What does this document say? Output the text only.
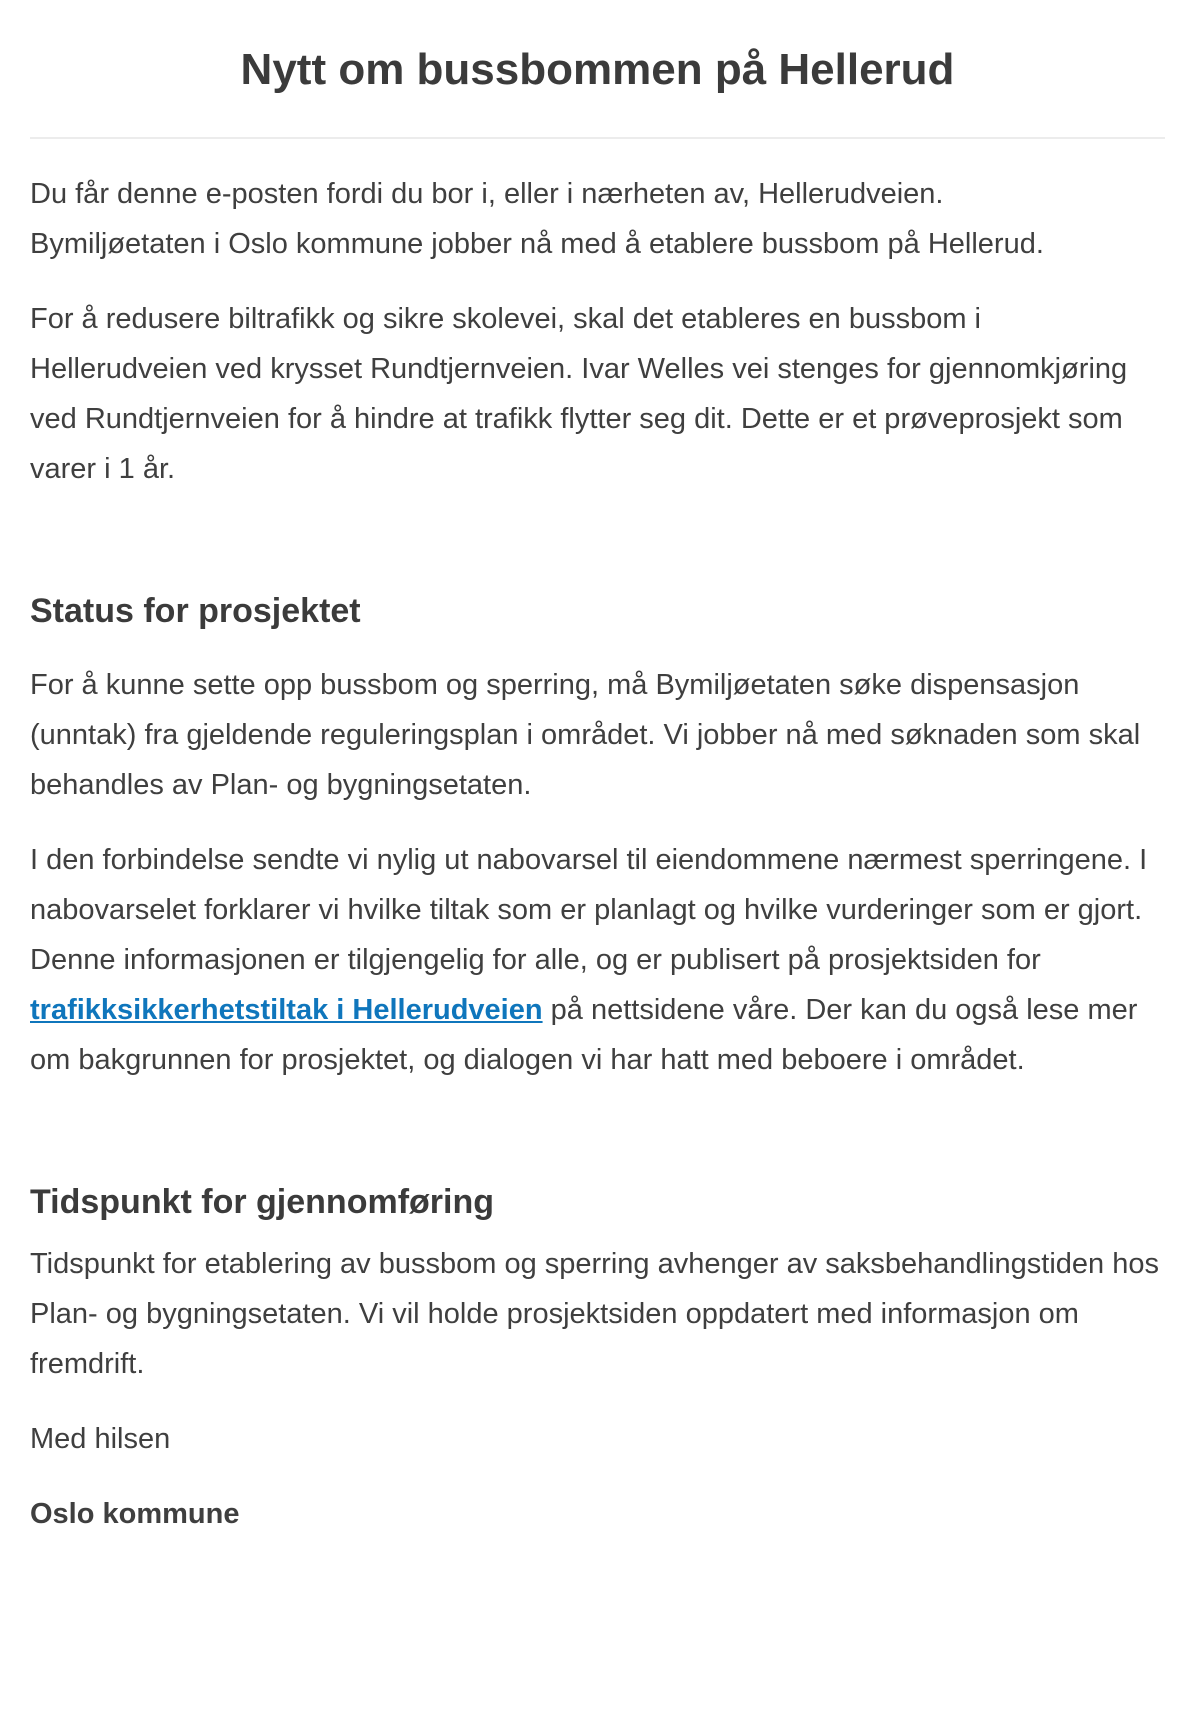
Nytt om bussbommen på Hellerud

Du får denne e-posten fordi du bor i, eller i nærheten av, Hellerudveien.
Bymiljøetaten i Oslo kommune jobber nå med å etablere bussbom på Hellerud.

For å redusere biltrafikk og sikre skolevei, skal det etableres en bussbom i Hellerudveien ved krysset Rundtjernveien. Ivar Welles vei stenges for gjennomkjøring ved Rundtjernveien for å hindre at trafikk flytter seg dit. Dette er et prøveprosjekt som varer i 1 år.

Status for prosjektet

For å kunne sette opp bussbom og sperring, må Bymiljøetaten søke dispensasjon (unntak) fra gjeldende reguleringsplan i området. Vi jobber nå med søknaden som skal behandles av Plan- og bygningsetaten.

I den forbindelse sendte vi nylig ut nabovarsel til eiendommene nærmest sperringene. I nabovarselet forklarer vi hvilke tiltak som er planlagt og hvilke vurderinger som er gjort. Denne informasjonen er tilgjengelig for alle, og er publisert på prosjektsiden for trafikksikkerhetstiltak i Hellerudveien på nettsidene våre. Der kan du også lese mer om bakgrunnen for prosjektet, og dialogen vi har hatt med beboere i området.

Tidspunkt for gjennomføring

Tidspunkt for etablering av bussbom og sperring avhenger av saksbehandlingstiden hos Plan- og bygningsetaten. Vi vil holde prosjektsiden oppdatert med informasjon om fremdrift.

Med hilsen

Oslo kommune
